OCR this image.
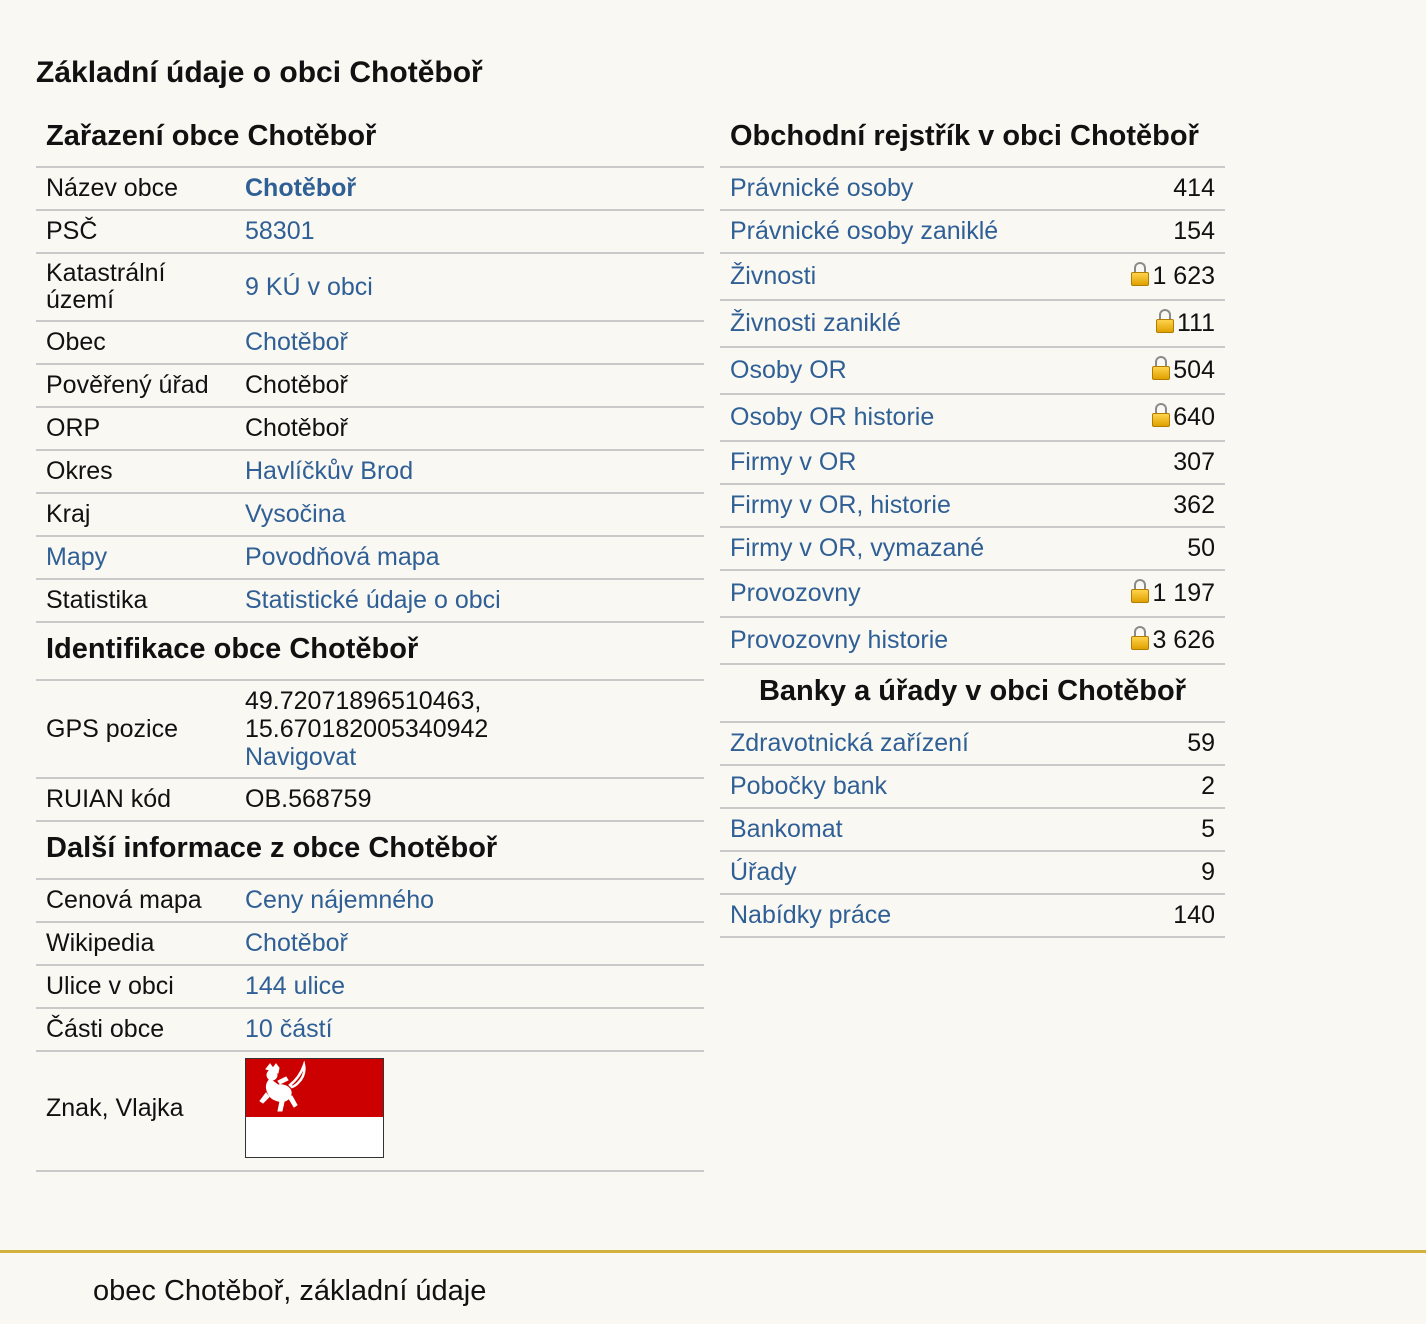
Základní údaje o obci Chotěboř
Zařazení obce Chotěboř
Název obce	Chotěboř
PSČ	58301
Katastrální území	9 KÚ v obci
Obec	Chotěboř
Pověřený úřad	Chotěboř
ORP	Chotěboř
Okres	Havlíčkův Brod
Kraj	Vysočina
Mapy	Povodňová mapa
Statistika	Statistické údaje o obci
Identifikace obce Chotěboř
GPS pozice	49.72071896510463,
15.670182005340942
Navigovat
RUIAN kód	OB.568759
Další informace z obce Chotěboř
Cenová mapa	Ceny nájemného
Wikipedia	Chotěboř
Ulice v obci	144 ulice
Části obce	10 částí
Znak, Vlajka	
Obchodní rejstřík v obci Chotěboř
Právnické osoby	414
Právnické osoby zaniklé	154
Živnosti	1 623
Živnosti zaniklé	111
Osoby OR	504
Osoby OR historie	640
Firmy v OR	307
Firmy v OR, historie	362
Firmy v OR, vymazané	50
Provozovny	1 197
Provozovny historie	3 626
Banky a úřady v obci Chotěboř
Zdravotnická zařízení	59
Pobočky bank	2
Bankomat	5
Úřady	9
Nabídky práce	140
obec Chotěboř, základní údaje
